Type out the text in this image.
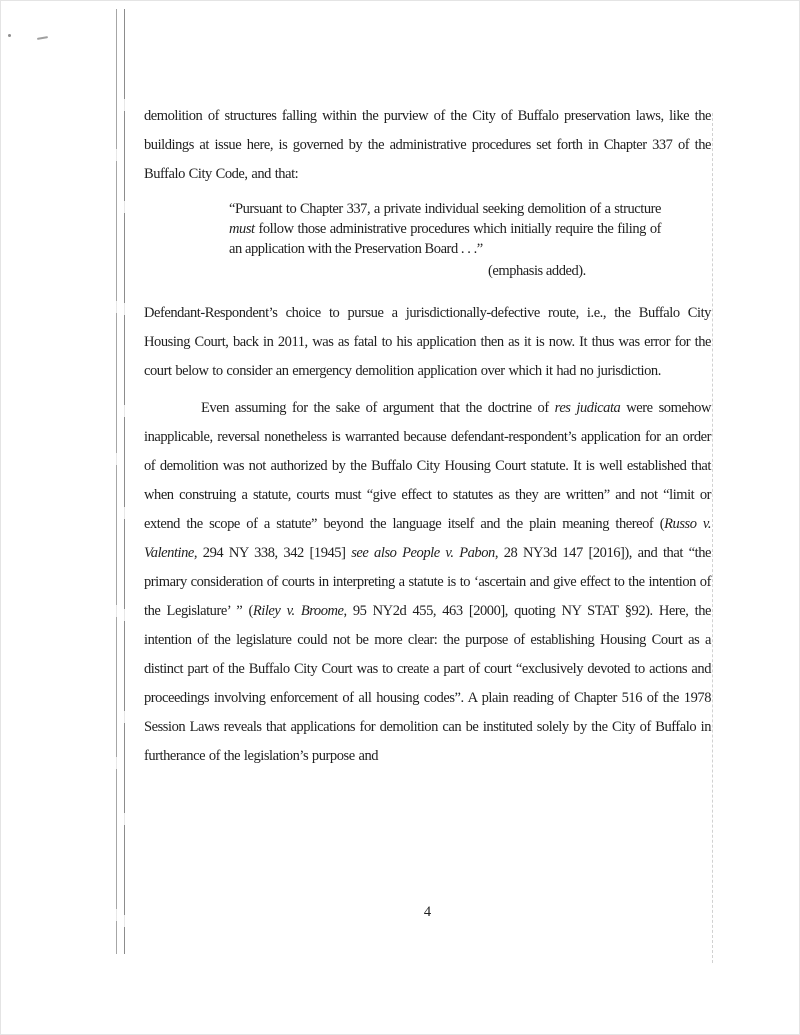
demolition of structures falling within the purview of the City of Buffalo preservation laws, like the buildings at issue here, is governed by the administrative procedures set forth in Chapter 337 of the Buffalo City Code, and that:

“Pursuant to Chapter 337, a private individual seeking demolition of a structure must follow those administrative procedures which initially require the filing of an application with the Preservation Board . . .”

(emphasis added).

Defendant-Respondent’s choice to pursue a jurisdictionally-defective route, i.e., the Buffalo City Housing Court, back in 2011, was as fatal to his application then as it is now. It thus was error for the court below to consider an emergency demolition application over which it had no jurisdiction.

Even assuming for the sake of argument that the doctrine of res judicata were somehow inapplicable, reversal nonetheless is warranted because defendant-respondent’s application for an order of demolition was not authorized by the Buffalo City Housing Court statute. It is well established that when construing a statute, courts must “give effect to statutes as they are written” and not “limit or extend the scope of a statute” beyond the language itself and the plain meaning thereof (Russo v. Valentine, 294 NY 338, 342 [1945] see also People v. Pabon, 28 NY3d 147 [2016]), and that “the primary consideration of courts in interpreting a statute is to ‘ascertain and give effect to the intention of the Legislature’ ” (Riley v. Broome, 95 NY2d 455, 463 [2000], quoting NY STAT §92). Here, the intention of the legislature could not be more clear: the purpose of establishing Housing Court as a distinct part of the Buffalo City Court was to create a part of court “exclusively devoted to actions and proceedings involving enforcement of all housing codes”. A plain reading of Chapter 516 of the 1978 Session Laws reveals that applications for demolition can be instituted solely by the City of Buffalo in furtherance of the legislation’s purpose and

4
